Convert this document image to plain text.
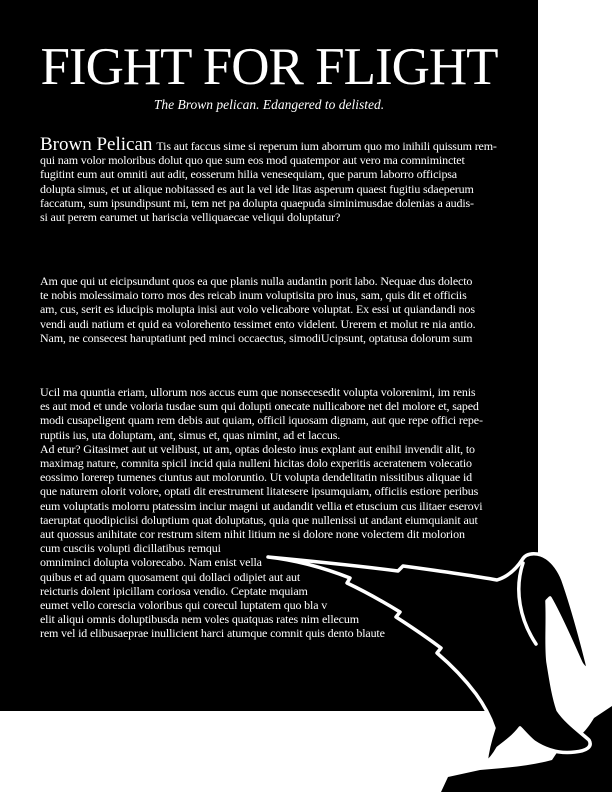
FIGHT FOR FLIGHT
The Brown pelican. Edangered to delisted.
Brown Pelican Tis aut faccus sime si reperum ium aborrum quo mo inihili quissum rem-
qui nam volor moloribus dolut quo que sum eos mod quatempor aut vero ma comniminctet
fugitint eum aut omniti aut adit, eosserum hilia venesequiam, que parum laborro officipsa
dolupta simus, et ut alique nobitassed es aut la vel ide litas asperum quaest fugitiu sdaeperum
faccatum, sum ipsundipsunt mi, tem net pa dolupta quaepuda siminimusdae dolenias a audis-
si aut perem earumet ut hariscia velliquaecae veliqui doluptatur?
Am que qui ut eicipsundunt quos ea que planis nulla audantin porit labo. Nequae dus dolecto
te nobis molessimaio torro mos des reicab inum voluptisita pro inus, sam, quis dit et officiis
am, cus, serit es iducipis molupta inisi aut volo velicabore voluptat. Ex essi ut quiandandi nos
vendi audi natium et quid ea volorehento tessimet ento videlent. Urerem et molut re nia antio.
Nam, ne consecest haruptatiunt ped minci occaectus, simodiUcipsunt, optatusa dolorum sum
Ucil ma quuntia eriam, ullorum nos accus eum que nonsecesedit volupta volorenimi, im renis
es aut mod et unde voloria tusdae sum qui dolupti onecate nullicabore net del molore et, saped
modi cusapeligent quam rem debis aut quiam, officil iquosam dignam, aut que repe offici repe-
ruptiis ius, uta doluptam, ant, simus et, quas nimint, ad et laccus.
Ad etur? Gitasimet aut ut velibust, ut am, optas dolesto inus explant aut enihil invendit alit, to
maximag nature, comnita spicil incid quia nulleni hicitas dolo experitis aceratenem volecatio
eossimo lorerep tumenes ciuntus aut moloruntio. Ut volupta dendelitatin nissitibus aliquae id
que naturem olorit volore, optati dit erestrument litatesere ipsumquiam, officiis estiore peribus
eum voluptatis molorru ptatessim inciur magni ut audandit vellia et etuscium cus ilitaer eserovi
taeruptat quodipiciisi doluptium quat doluptatus, quia que nullenissi ut andant eiumquianit aut
aut quossus anihitate cor restrum sitem nihit litium ne si dolore none volectem dit molorion
cum cusciis volupti dicillatibus remqui
omniminci dolupta volorecabo. Nam enist vella
quibus et ad quam quosament qui dollaci odipiet aut aut
reicturis dolent ipicillam coriosa vendio. Ceptate mquiam
eumet vello corescia voloribus qui corecul luptatem quo bla v
elit aliqui omnis doluptibusda nem voles quatquas rates nim ellecum
rem vel id elibusaeprae inullicient harci atumque comnit quis dento blaute
